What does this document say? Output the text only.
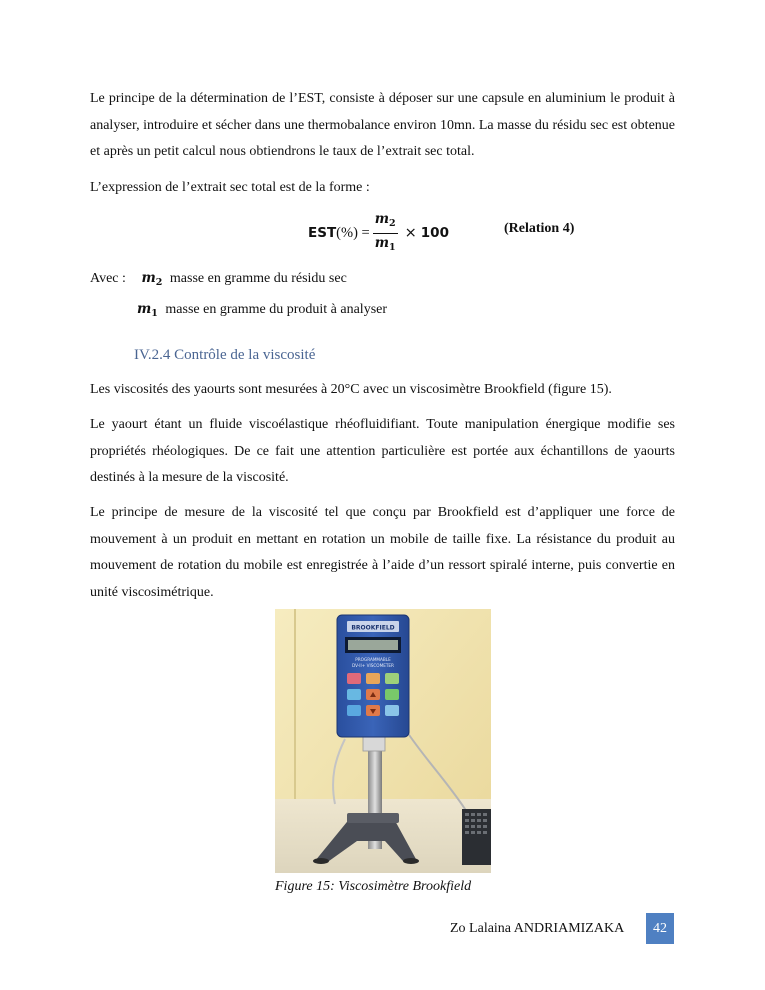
Le principe de la détermination de l’EST, consiste à déposer sur une capsule en aluminium le produit à analyser, introduire et sécher dans une thermobalance environ 10mn. La masse du résidu sec est obtenue et après un petit calcul nous obtiendrons le taux de l’extrait sec total.

L’expression de l’extrait sec total est de la forme :

$EST(\%) = \frac{m_2}{m_1} \times 100$	(Relation 4)
Avec : $m_2$ masse en gramme du résidu sec
$m_1$ masse en gramme du produit à analyser
IV.2.4 Contrôle de la viscosité

Les viscosités des yaourts sont mesurées à 20°C avec un viscosimètre Brookfield (figure 15).

Le yaourt étant un fluide viscoélastique rhéofluidifiant. Toute manipulation énergique modifie ses propriétés rhéologiques. De ce fait une attention particulière est portée aux échantillons de yaourts destinés à la mesure de la viscosité.

Le principe de mesure de la viscosité tel que conçu par Brookfield est d’appliquer une force de mouvement à un produit en mettant en rotation un mobile de taille fixe. La résistance du produit au mouvement de rotation du mobile est enregistrée à l’aide d’un ressort spiralé interne, puis convertie en unité viscosimétrique.

BROOKFIELD
PROGRAMMABLE
DV-II+ VISCOMETER
Figure 15: Viscosimètre Brookfield
Zo Lalaina ANDRIAMIZAKA	42
